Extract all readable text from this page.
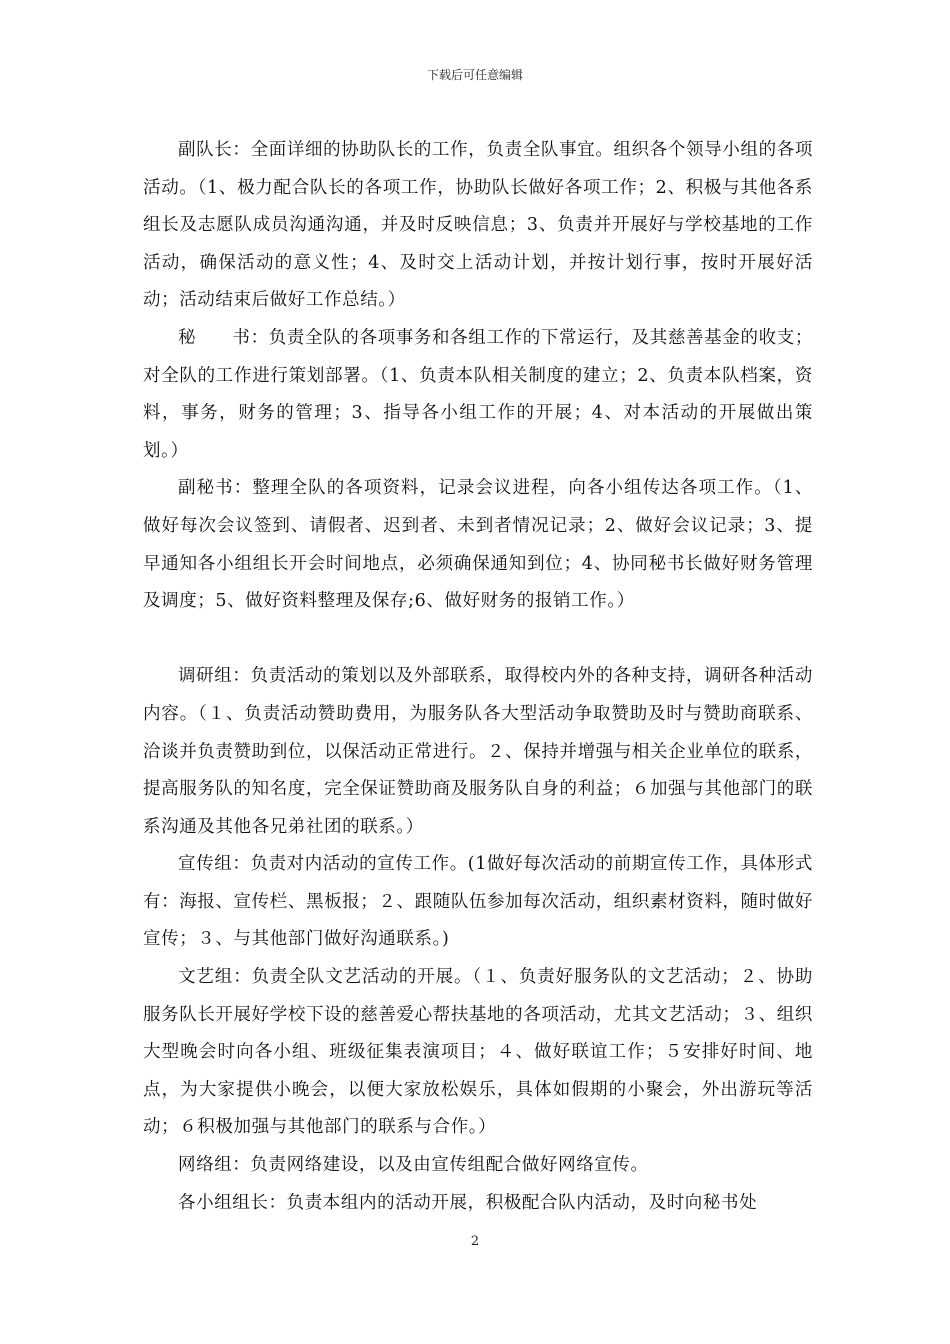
下载后可任意编辑

副队长：全面详细的协助队长的工作，负责全队事宜。组织各个领导小组的各项活动。（1、极力配合队长的各项工作，协助队长做好各项工作；2、积极与其他各系组长及志愿队成员沟通沟通，并及时反映信息；3、负责并开展好与学校基地的工作活动，确保活动的意义性；4、及时交上活动计划，并按计划行事，按时开展好活动；活动结束后做好工作总结。）

秘　　书：负责全队的各项事务和各组工作的下常运行，及其慈善基金的收支；对全队的工作进行策划部署。（1、负责本队相关制度的建立；2、负责本队档案，资料，事务，财务的管理；3、指导各小组工作的开展；4、对本活动的开展做出策划。）

副秘书：整理全队的各项资料，记录会议进程，向各小组传达各项工作。（1、做好每次会议签到、请假者、迟到者、未到者情况记录；2、做好会议记录；3、提早通知各小组组长开会时间地点，必须确保通知到位；4、协同秘书长做好财务管理及调度；5、做好资料整理及保存;6、做好财务的报销工作。）

调研组：负责活动的策划以及外部联系，取得校内外的各种支持，调研各种活动内容。（１、负责活动赞助费用，为服务队各大型活动争取赞助及时与赞助商联系、洽谈并负责赞助到位，以保活动正常进行。２、保持并增强与相关企业单位的联系，提高服务队的知名度，完全保证赞助商及服务队自身的利益；６加强与其他部门的联系沟通及其他各兄弟社团的联系。）

宣传组：负责对内活动的宣传工作。(1做好每次活动的前期宣传工作，具体形式有：海报、宣传栏、黑板报；２、跟随队伍参加每次活动，组织素材资料，随时做好宣传；３、与其他部门做好沟通联系。)

文艺组：负责全队文艺活动的开展。（１、负责好服务队的文艺活动；２、协助服务队长开展好学校下设的慈善爱心帮扶基地的各项活动，尤其文艺活动；３、组织大型晚会时向各小组、班级征集表演项目；４、做好联谊工作；５安排好时间、地点，为大家提供小晚会，以便大家放松娱乐，具体如假期的小聚会，外出游玩等活动；６积极加强与其他部门的联系与合作。）

网络组：负责网络建设，以及由宣传组配合做好网络宣传。

各小组组长：负责本组内的活动开展，积极配合队内活动，及时向秘书处

2
